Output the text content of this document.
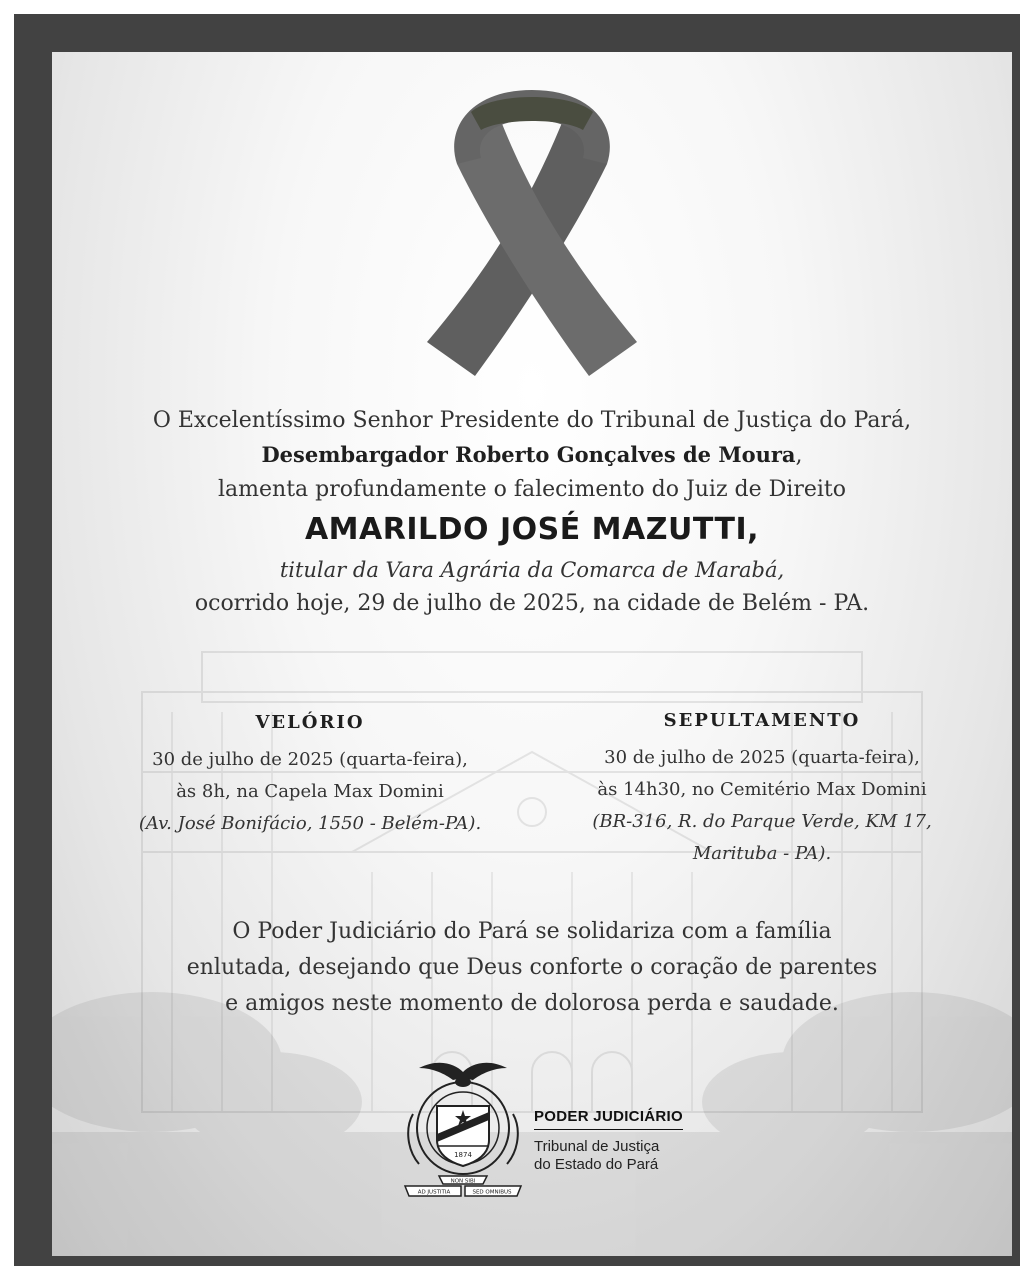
O Excelentíssimo Senhor Presidente do Tribunal de Justiça do Pará,
Desembargador Roberto Gonçalves de Moura,
lamenta profundamente o falecimento do Juiz de Direito
AMARILDO JOSÉ MAZUTTI,
titular da Vara Agrária da Comarca de Marabá,
ocorrido hoje, 29 de julho de 2025, na cidade de Belém - PA.
VELÓRIO
30 de julho de 2025 (quarta-feira),
às 8h, na Capela Max Domini
(Av. José Bonifácio, 1550 - Belém-PA).
SEPULTAMENTO
30 de julho de 2025 (quarta-feira),
às 14h30, no Cemitério Max Domini
(BR-316, R. do Parque Verde, KM 17,
Marituba - PA).
O Poder Judiciário do Pará se solidariza com a família
enlutada, desejando que Deus conforte o coração de parentes
e amigos neste momento de dolorosa perda e saudade.
1874
NON SIBI
AD JUSTITIA	SED OMNIBUS
PODER JUDICIÁRIO
Tribunal de Justiça
do Estado do Pará
